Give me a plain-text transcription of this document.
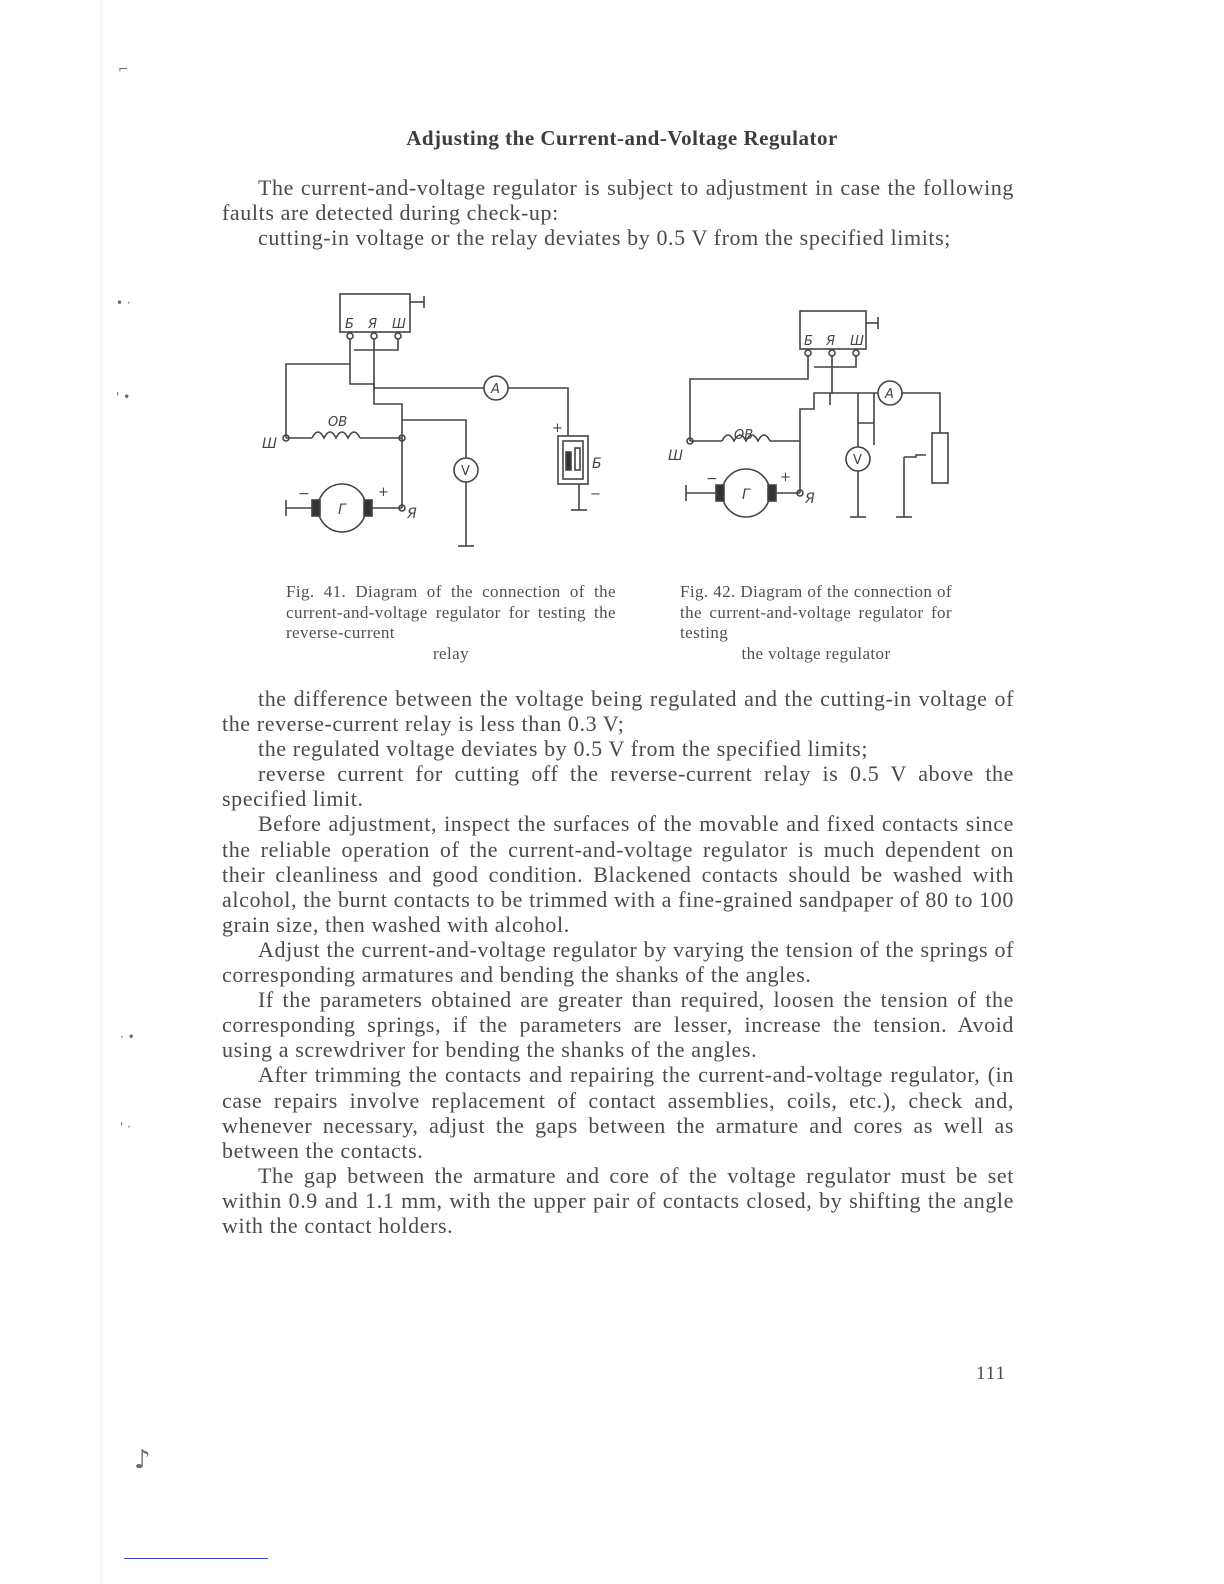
⌐
• ·
' •
· •
' ·
♪
Adjusting the Current-and-Voltage Regulator

The current-and-voltage regulator is subject to adjustment in case the following faults are detected during check-up:

cutting-in voltage or the relay deviates by 0.5 V from the specified limits;

Б Я Ш
ОВ
Ш
Г	Я
A
V	Б
−	+
+
−
Fig. 41. Diagram of the connection of the current-and-voltage regulator for testing the reverse-current
relay
Б Я Ш
ОВ
Ш
Г	Я
A
V
−	+
Fig. 42. Diagram of the connection of the current-and-voltage regulator for testing
the voltage regulator

the difference between the voltage being regulated and the cutting-in voltage of the reverse-current relay is less than 0.3 V;

the regulated voltage deviates by 0.5 V from the specified limits;

reverse current for cutting off the reverse-current relay is 0.5 V above the specified limit.

Before adjustment, inspect the surfaces of the movable and fixed contacts since the reliable operation of the current-and-voltage regulator is much dependent on their cleanliness and good condition. Blackened contacts should be washed with alcohol, the burnt contacts to be trimmed with a fine-grained sandpaper of 80 to 100 grain size, then washed with alcohol.

Adjust the current-and-voltage regulator by varying the tension of the springs of corresponding armatures and bending the shanks of the angles.

If the parameters obtained are greater than required, loosen the tension of the corresponding springs, if the parameters are lesser, increase the tension. Avoid using a screwdriver for bending the shanks of the angles.

After trimming the contacts and repairing the current-and-voltage regulator, (in case repairs involve replacement of contact assemblies, coils, etc.), check and, whenever necessary, adjust the gaps between the armature and cores as well as between the contacts.

The gap between the armature and core of the voltage regulator must be set within 0.9 and 1.1 mm, with the upper pair of contacts closed, by shifting the angle with the contact holders.

111
